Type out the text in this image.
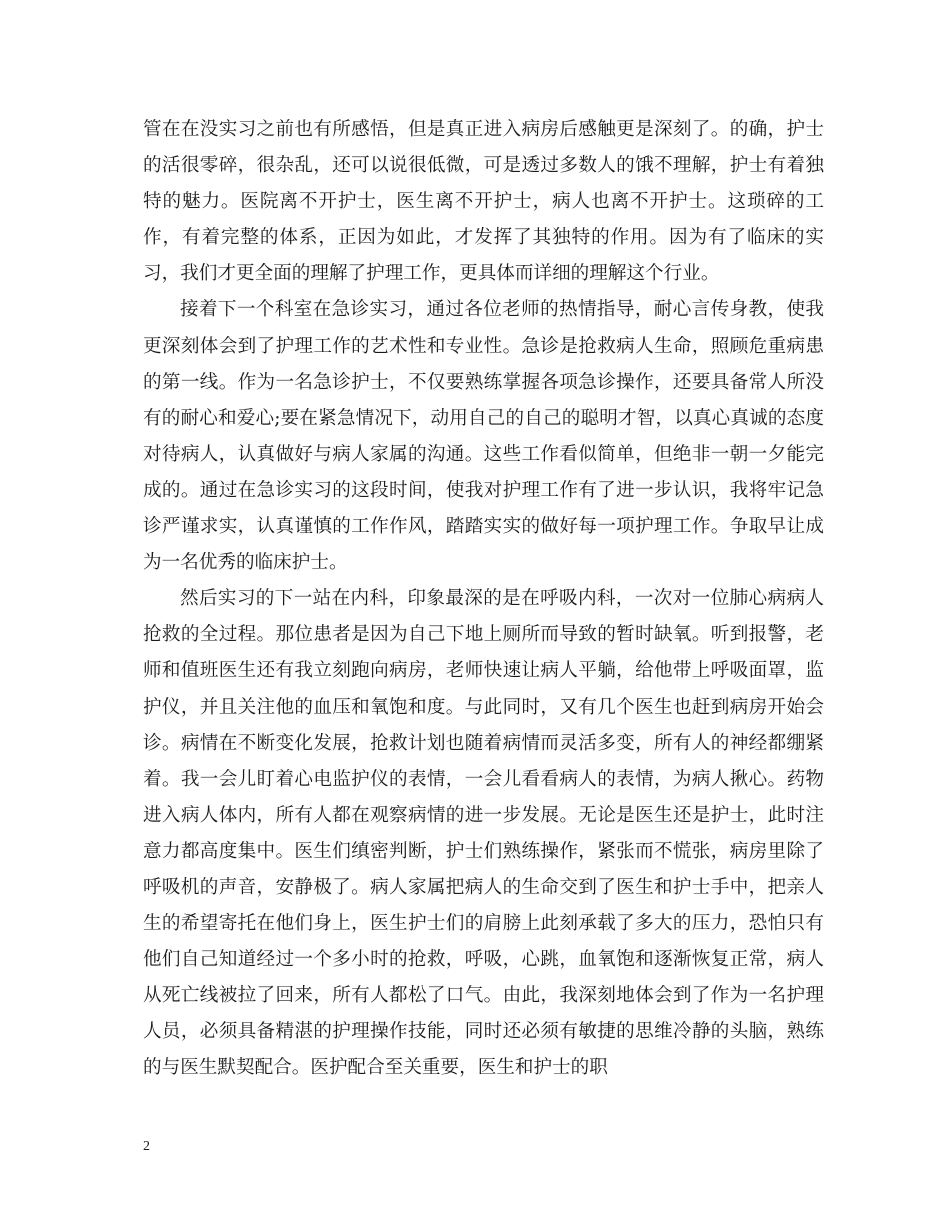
管在在没实习之前也有所感悟，但是真正进入病房后感触更是深刻了。的确，护士的活很零碎，很杂乱，还可以说很低微，可是透过多数人的饿不理解，护士有着独特的魅力。医院离不开护士，医生离不开护士，病人也离不开护士。这琐碎的工作，有着完整的体系，正因为如此，才发挥了其独特的作用。因为有了临床的实习，我们才更全面的理解了护理工作，更具体而详细的理解这个行业。

接着下一个科室在急诊实习，通过各位老师的热情指导，耐心言传身教，使我更深刻体会到了护理工作的艺术性和专业性。急诊是抢救病人生命，照顾危重病患的第一线。作为一名急诊护士，不仅要熟练掌握各项急诊操作，还要具备常人所没有的耐心和爱心;要在紧急情况下，动用自己的自己的聪明才智，以真心真诚的态度对待病人，认真做好与病人家属的沟通。这些工作看似简单，但绝非一朝一夕能完成的。通过在急诊实习的这段时间，使我对护理工作有了进一步认识，我将牢记急诊严谨求实，认真谨慎的工作作风，踏踏实实的做好每一项护理工作。争取早让成为一名优秀的临床护士。

然后实习的下一站在内科，印象最深的是在呼吸内科，一次对一位肺心病病人抢救的全过程。那位患者是因为自己下地上厕所而导致的暂时缺氧。听到报警，老师和值班医生还有我立刻跑向病房，老师快速让病人平躺，给他带上呼吸面罩，监护仪，并且关注他的血压和氧饱和度。与此同时，又有几个医生也赶到病房开始会诊。病情在不断变化发展，抢救计划也随着病情而灵活多变，所有人的神经都绷紧着。我一会儿盯着心电监护仪的表情，一会儿看看病人的表情，为病人揪心。药物进入病人体内，所有人都在观察病情的进一步发展。无论是医生还是护士，此时注意力都高度集中。医生们缜密判断，护士们熟练操作，紧张而不慌张，病房里除了呼吸机的声音，安静极了。病人家属把病人的生命交到了医生和护士手中，把亲人生的希望寄托在他们身上，医生护士们的肩膀上此刻承载了多大的压力，恐怕只有他们自己知道经过一个多小时的抢救，呼吸，心跳，血氧饱和逐渐恢复正常，病人从死亡线被拉了回来，所有人都松了口气。由此，我深刻地体会到了作为一名护理人员，必须具备精湛的护理操作技能，同时还必须有敏捷的思维冷静的头脑，熟练的与医生默契配合。医护配合至关重要，医生和护士的职

2
